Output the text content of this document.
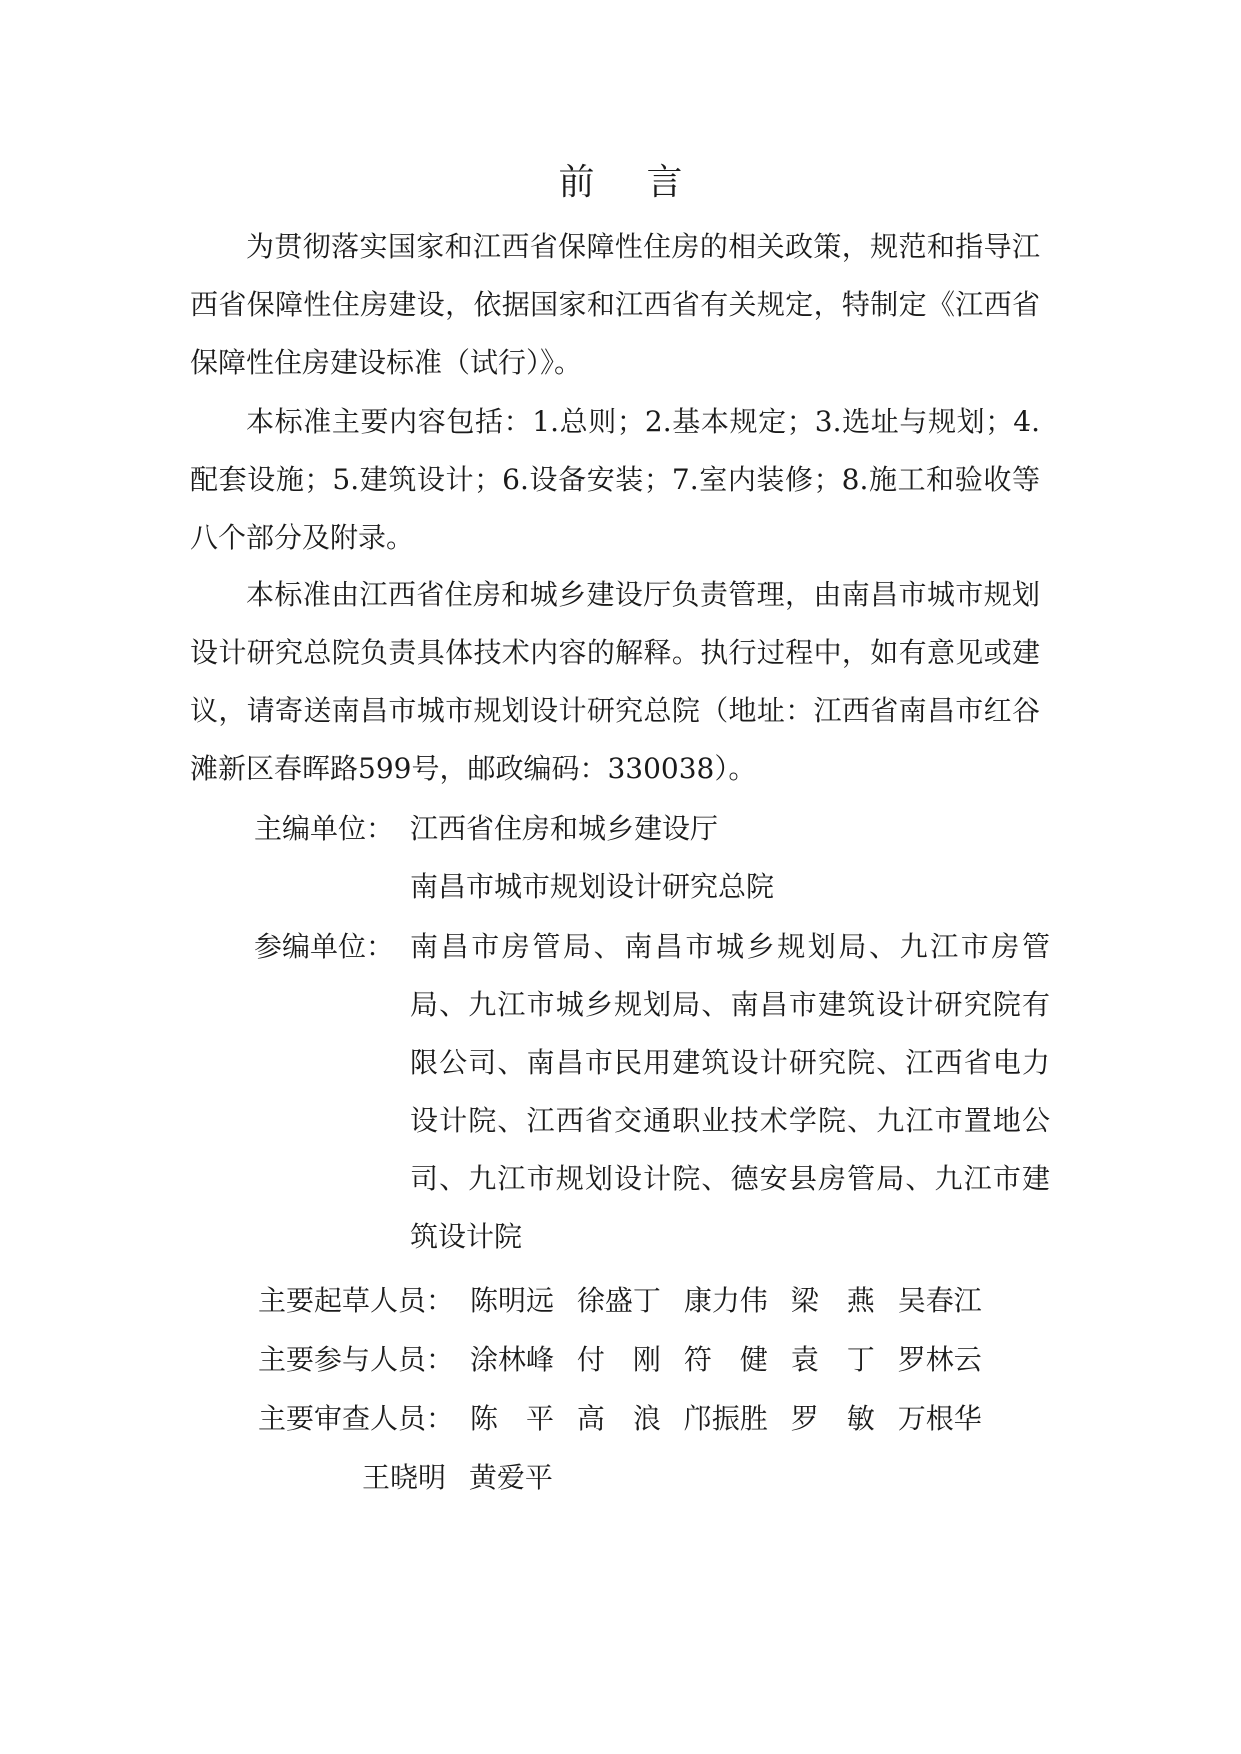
前 言

为贯彻落实国家和江西省保障性住房的相关政策，规范和指导江西省保障性住房建设，依据国家和江西省有关规定，特制定《江西省保障性住房建设标准（试行）》。

本标准主要内容包括：1.总则；2.基本规定；3.选址与规划；4.配套设施；5.建筑设计；6.设备安装；7.室内装修；8.施工和验收等八个部分及附录。

本标准由江西省住房和城乡建设厅负责管理，由南昌市城市规划设计研究总院负责具体技术内容的解释。执行过程中，如有意见或建议，请寄送南昌市城市规划设计研究总院（地址：江西省南昌市红谷滩新区春晖路599号，邮政编码：330038）。

主编单位： 江西省住房和城乡建设厅
南昌市城市规划设计研究总院
参编单位： 南昌市房管局、南昌市城乡规划局、九江市房管局、九江市城乡规划局、南昌市建筑设计研究院有限公司、南昌市民用建筑设计研究院、江西省电力设计院、江西省交通职业技术学院、九江市置地公司、九江市规划设计院、德安县房管局、九江市建筑设计院

主要起草人员： 陈明远 徐盛丁 康力伟 梁　燕 吴春江
主要参与人员： 涂林峰 付　刚 符　健 袁　丁 罗林云
主要审查人员： 陈　平 高　浪 邝振胜 罗　敏 万根华
王晓明 黄爱平
